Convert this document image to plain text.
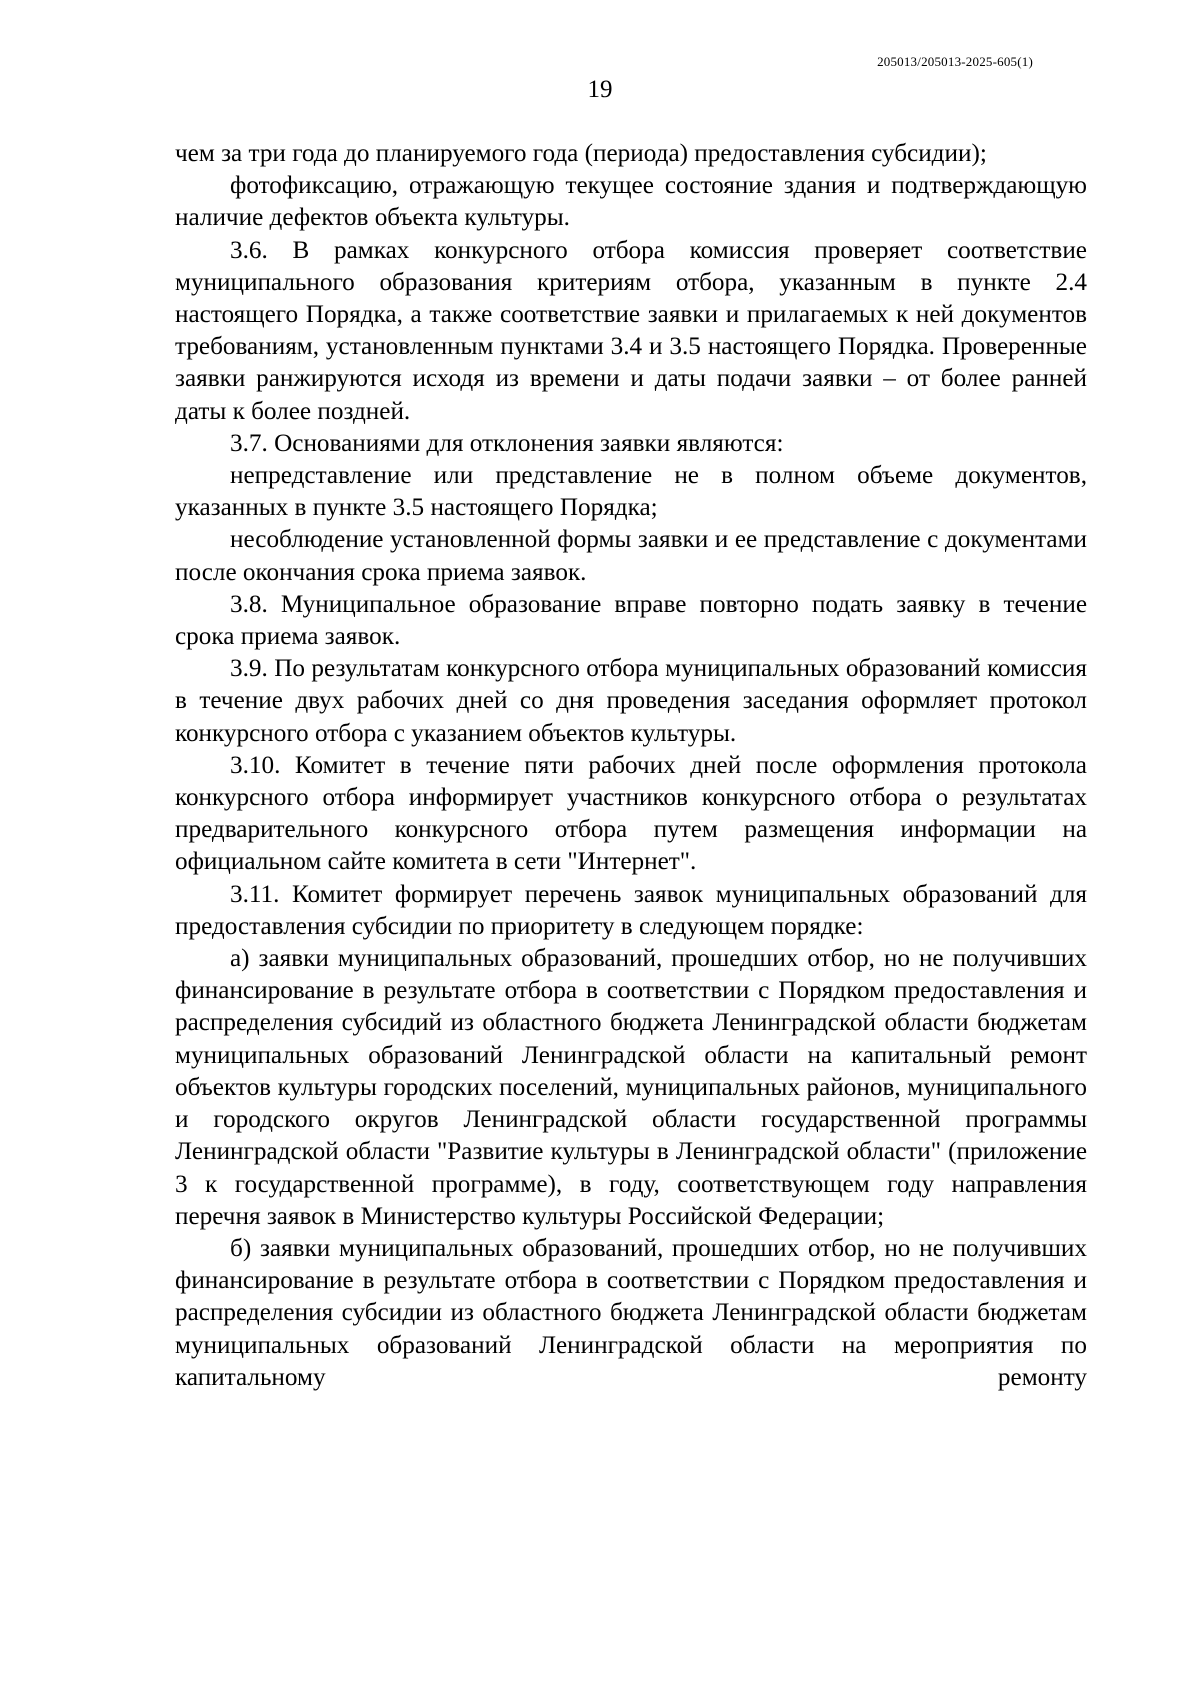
205013/205013-2025-605(1)
19

чем за три года до планируемого года (периода) предоставления субсидии);

фотофиксацию, отражающую текущее состояние здания и подтверждающую наличие дефектов объекта культуры.

3.6. В рамках конкурсного отбора комиссия проверяет соответствие муниципального образования критериям отбора, указанным в пункте 2.4 настоящего Порядка, а также соответствие заявки и прилагаемых к ней документов требованиям, установленным пунктами 3.4 и 3.5 настоящего Порядка. Проверенные заявки ранжируются исходя из времени и даты подачи заявки – от более ранней даты к более поздней.

3.7. Основаниями для отклонения заявки являются:

непредставление или представление не в полном объеме документов, указанных в пункте 3.5 настоящего Порядка;

несоблюдение установленной формы заявки и ее представление с документами после окончания срока приема заявок.

3.8. Муниципальное образование вправе повторно подать заявку в течение срока приема заявок.

3.9. По результатам конкурсного отбора муниципальных образований комиссия в течение двух рабочих дней со дня проведения заседания оформляет протокол конкурсного отбора с указанием объектов культуры.

3.10. Комитет в течение пяти рабочих дней после оформления протокола конкурсного отбора информирует участников конкурсного отбора о результатах предварительного конкурсного отбора путем размещения информации на официальном сайте комитета в сети "Интернет".

3.11. Комитет формирует перечень заявок муниципальных образований для предоставления субсидии по приоритету в следующем порядке:

а) заявки муниципальных образований, прошедших отбор, но не получивших финансирование в результате отбора в соответствии с Порядком предоставления и распределения субсидий из областного бюджета Ленинградской области бюджетам муниципальных образований Ленинградской области на капитальный ремонт объектов культуры городских поселений, муниципальных районов, муниципального и городского округов Ленинградской области государственной программы Ленинградской области "Развитие культуры в Ленинградской области" (приложение 3 к государственной программе), в году, соответствующем году направления перечня заявок в Министерство культуры Российской Федерации;

б) заявки муниципальных образований, прошедших отбор, но не получивших финансирование в результате отбора в соответствии с Порядком предоставления и распределения субсидии из областного бюджета Ленинградской области бюджетам муниципальных образований Ленинградской области на мероприятия по капитальному ремонту
